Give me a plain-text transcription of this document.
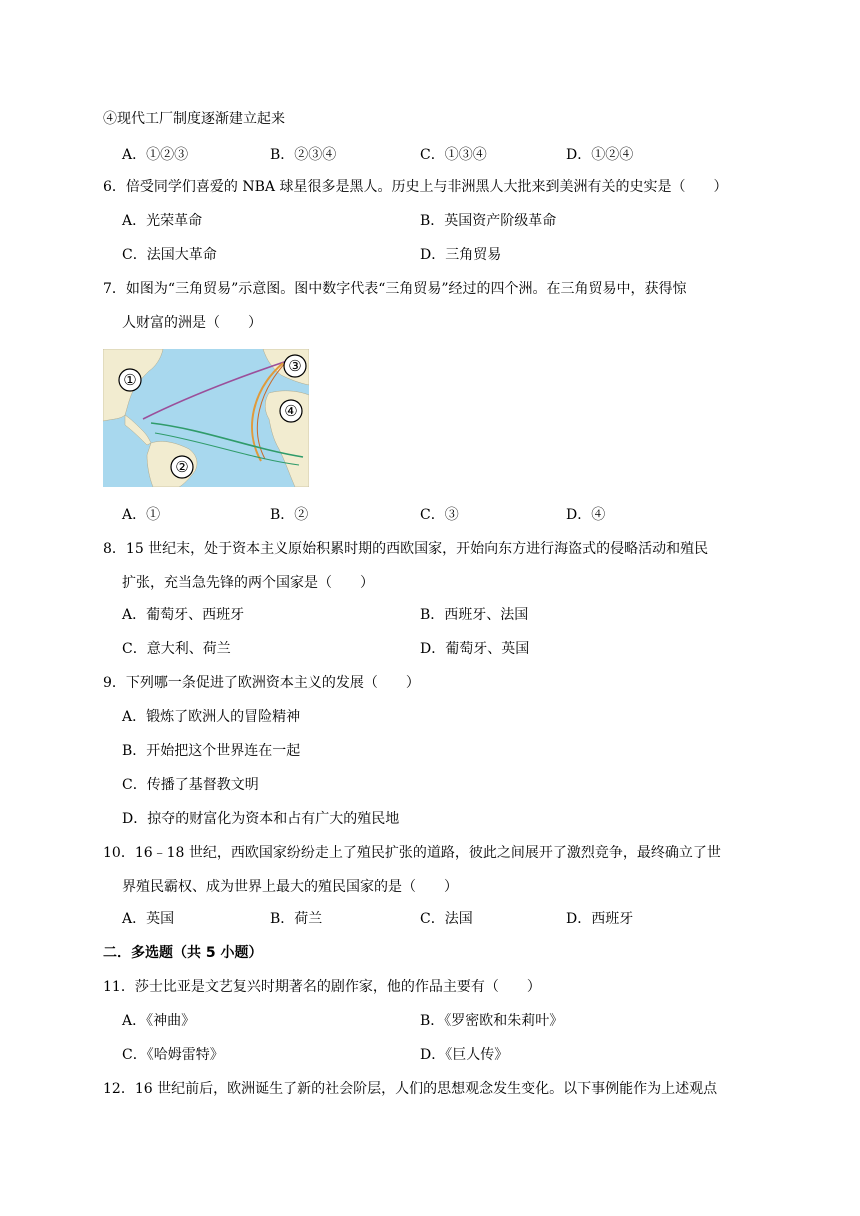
④现代工厂制度逐渐建立起来
A．①②③	B．②③④	C．①③④	D．①②④
6．倍受同学们喜爱的 NBA 球星很多是黑人。历史上与非洲黑人大批来到美洲有关的史实是（　　）
A．光荣革命	B．英国资产阶级革命
C．法国大革命	D．三角贸易
7．如图为“三角贸易”示意图。图中数字代表“三角贸易”经过的四个洲。在三角贸易中，获得惊
人财富的洲是（　　）
①
②
③
④
A．①	B．②	C．③	D．④
8．15 世纪末，处于资本主义原始积累时期的西欧国家，开始向东方进行海盗式的侵略活动和殖民
扩张，充当急先锋的两个国家是（　　）
A．葡萄牙、西班牙	B．西班牙、法国
C．意大利、荷兰	D．葡萄牙、英国
9．下列哪一条促进了欧洲资本主义的发展（　　）
A．锻炼了欧洲人的冒险精神
B．开始把这个世界连在一起
C．传播了基督教文明
D．掠夺的财富化为资本和占有广大的殖民地
10．16﹣18 世纪，西欧国家纷纷走上了殖民扩张的道路，彼此之间展开了激烈竞争，最终确立了世
界殖民霸权、成为世界上最大的殖民国家的是（　　）
A．英国	B．荷兰	C．法国	D．西班牙
二．多选题（共 5 小题）
11．莎士比亚是文艺复兴时期著名的剧作家，他的作品主要有（　　）
A．《神曲》	B．《罗密欧和朱莉叶》
C．《哈姆雷特》	D．《巨人传》
12．16 世纪前后，欧洲诞生了新的社会阶层，人们的思想观念发生变化。以下事例能作为上述观点
